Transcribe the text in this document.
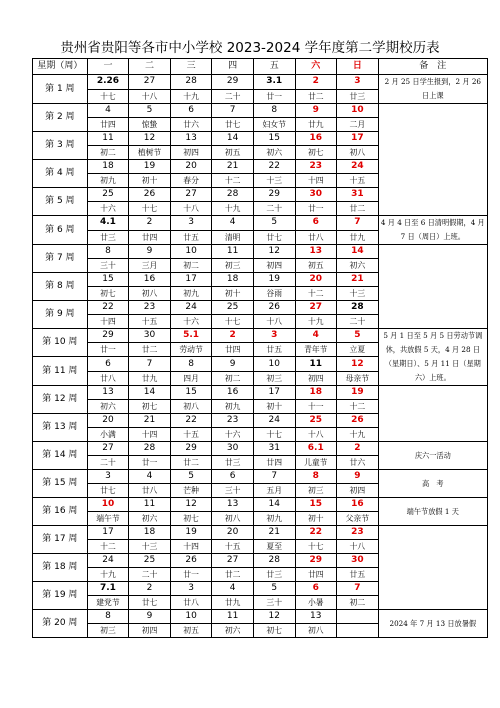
贵州省贵阳等各市中小学校 2023-2024 学年度第二学期校历表
星期（周）	一	二	三	四	五	六	日	备　注
第 1 周	2.26	27	28	29	3.1	2	3	2 月 25 日学生报到，2 月 26 日上课
	十七	十八	十九	二十	廿一	廿二	廿三	
第 2 周	4	5	6	7	8	9	10	
	廿四	惊蛰	廿六	廿七	妇女节	廿九	二月	
第 3 周	11	12	13	14	15	16	17	
	初二	植树节	初四	初五	初六	初七	初八	
第 4 周	18	19	20	21	22	23	24	
	初九	初十	春分	十二	十三	十四	十五	
第 5 周	25	26	27	28	29	30	31	
	十六	十七	十八	十九	二十	廿一	廿二	
第 6 周	4.1	2	3	4	5	6	7	4 月 4 日至 6 日清明假期，4 月 7 日（周日）上班。
	廿三	廿四	廿五	清明	廿七	廿八	廿九	
第 7 周	8	9	10	11	12	13	14	
	三十	三月	初二	初三	初四	初五	初六	
第 8 周	15	16	17	18	19	20	21	
	初七	初八	初九	初十	谷雨	十二	十三	
第 9 周	22	23	24	25	26	27	28	
	十四	十五	十六	十七	十八	十九	二十	
第 10 周	29	30	5.1	2	3	4	5	5 月 1 日至 5 月 5 日劳动节调休，共放假 5 天，4 月 28 日（星期日）、5 月 11 日（星期六）上班。
	廿一	廿二	劳动节	廿四	廿五	青年节	立夏	
第 11 周	6	7	8	9	10	11	12	
	廿八	廿九	四月	初二	初三	初四	母亲节	
第 12 周	13	14	15	16	17	18	19	
	初六	初七	初八	初九	初十	十一	十二	
第 13 周	20	21	22	23	24	25	26	
	小满	十四	十五	十六	十七	十八	十九	
第 14 周	27	28	29	30	31	6.1	2	庆六一活动
	二十	廿一	廿二	廿三	廿四	儿童节	廿六	
第 15 周	3	4	5	6	7	8	9	高　考
	廿七	廿八	芒种	三十	五月	初三	初四	
第 16 周	10	11	12	13	14	15	16	端午节放假 1 天
	端午节	初六	初七	初八	初九	初十	父亲节	
第 17 周	17	18	19	20	21	22	23	
	十二	十三	十四	十五	夏至	十七	十八	
第 18 周	24	25	26	27	28	29	30	
	十九	二十	廿一	廿二	廿三	廿四	廿五	
第 19 周	7.1	2	3	4	5	6	7	
	建党节	廿七	廿八	廿九	三十	小暑	初二	
第 20 周	8	9	10	11	12	13		2024 年 7 月 13 日放暑假
	初三	初四	初五	初六	初七	初八		
